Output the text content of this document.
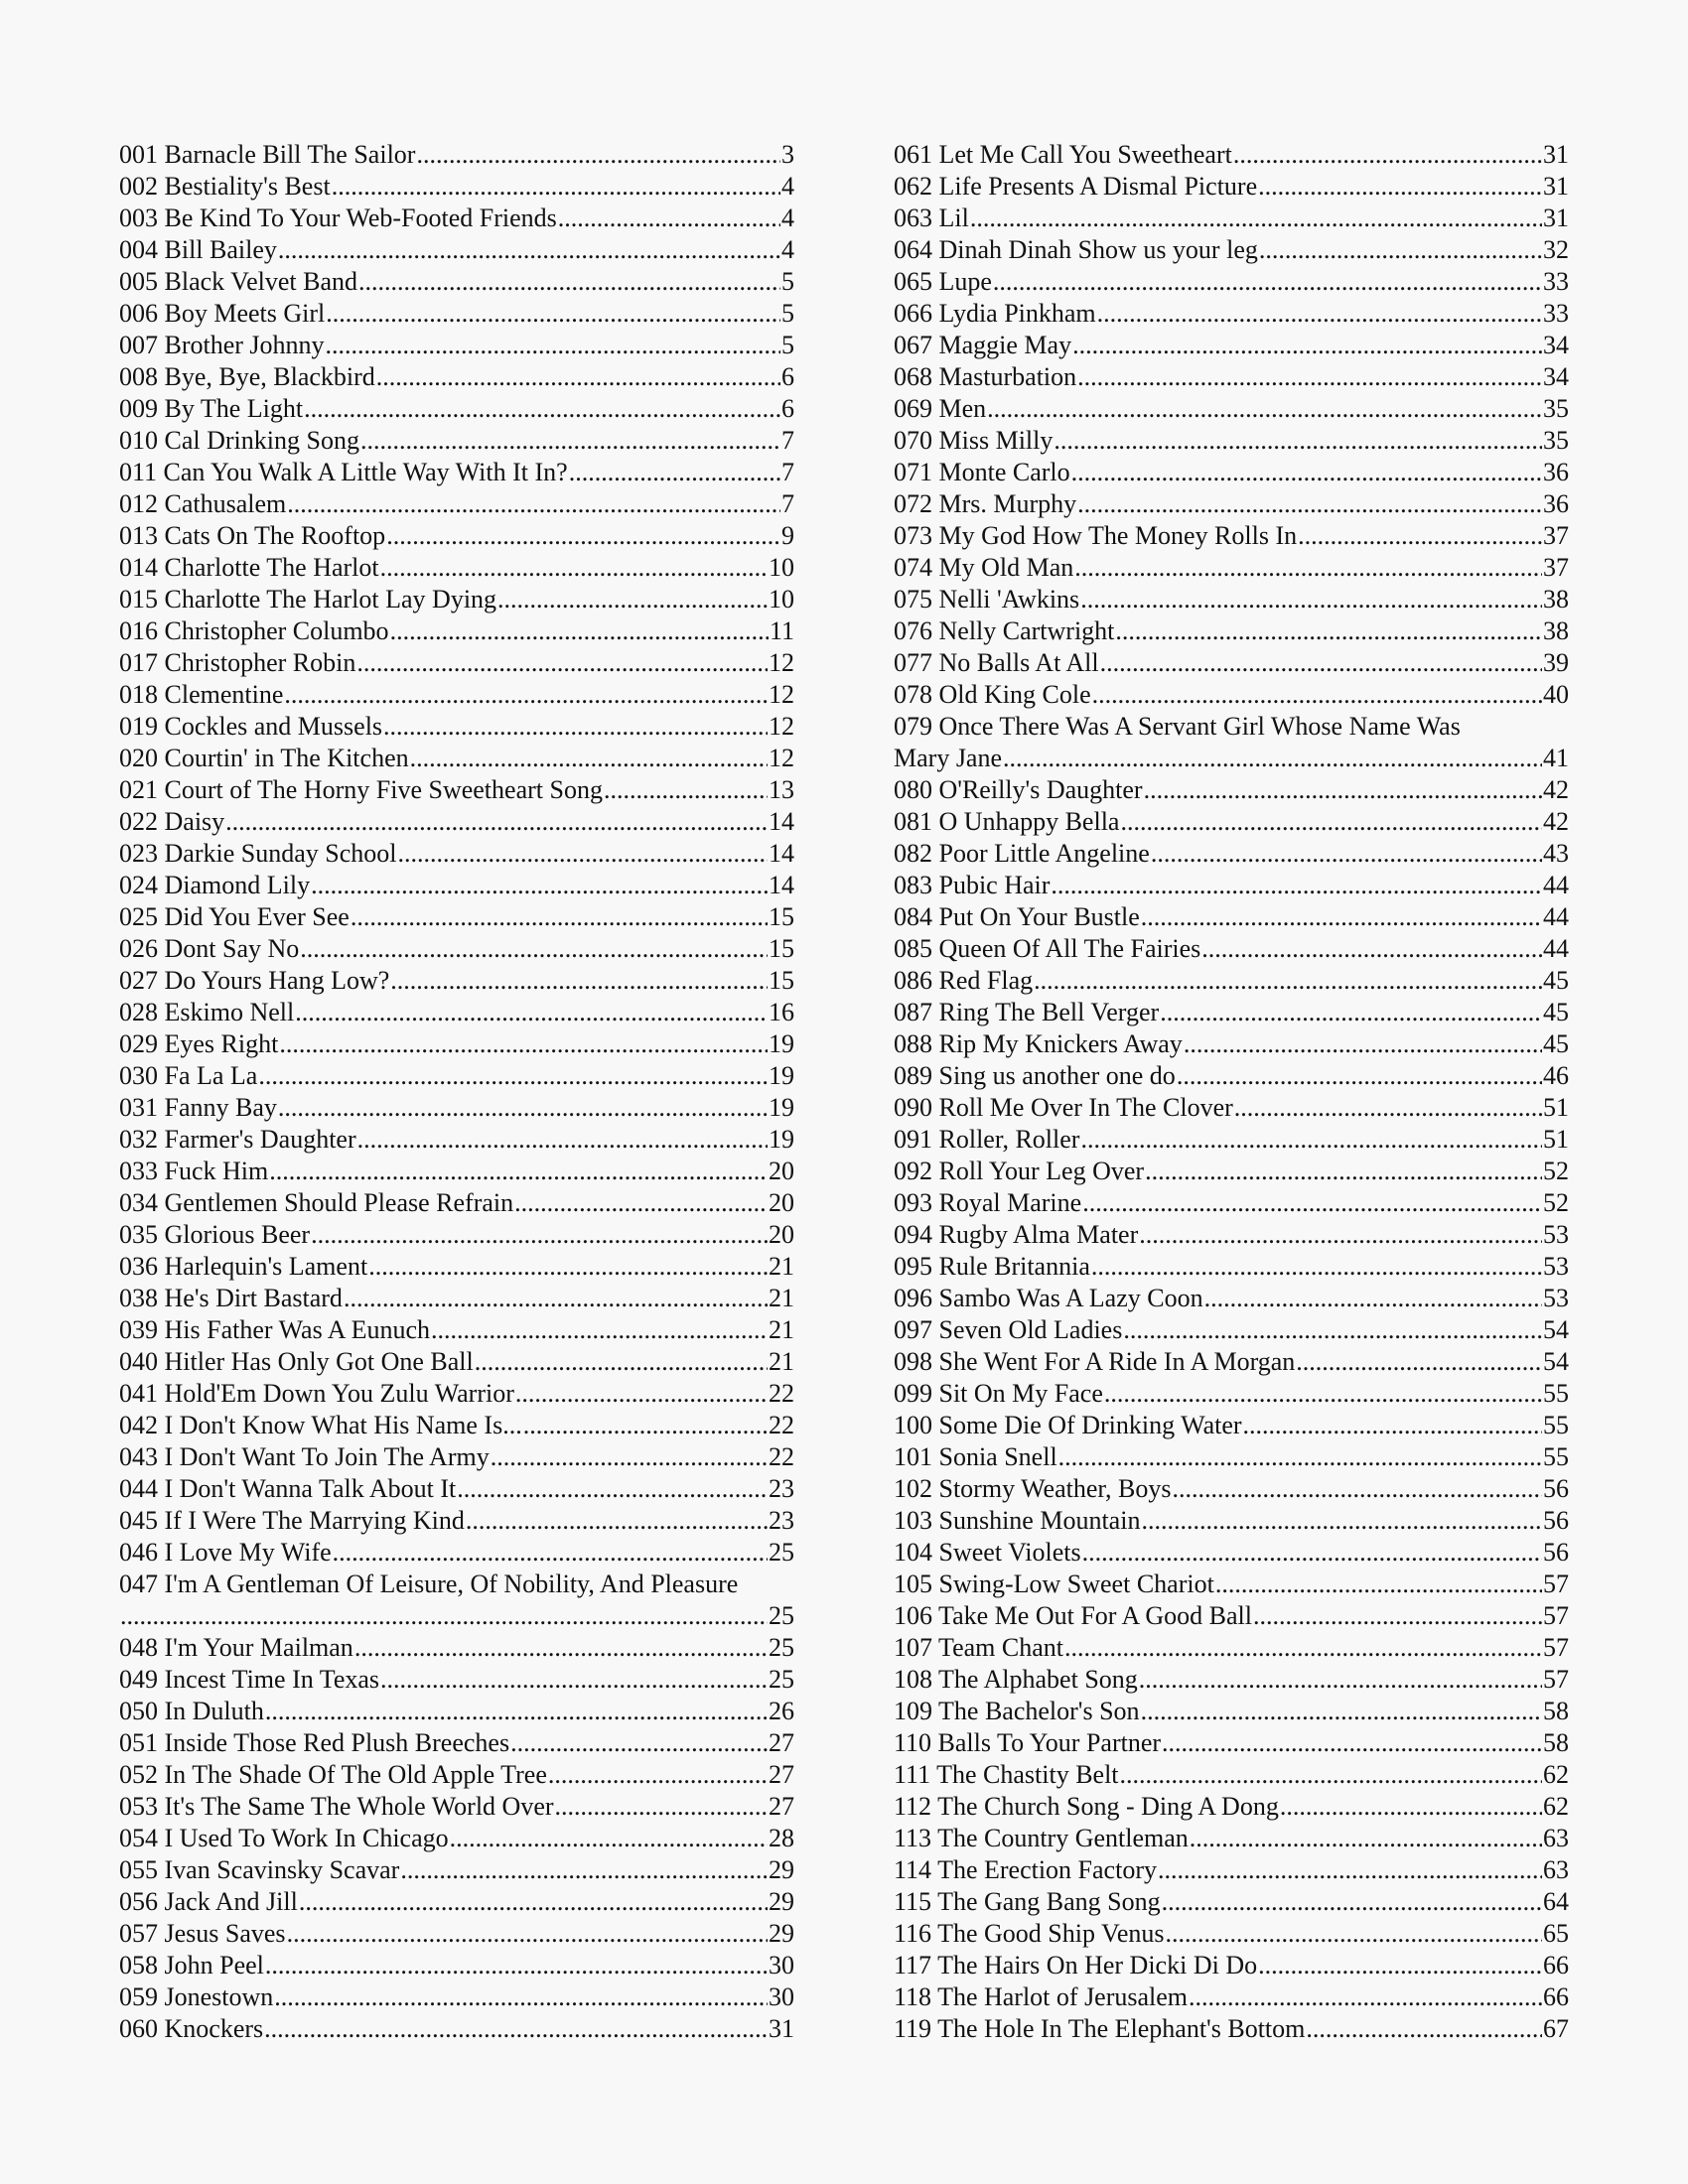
001 Barnacle Bill The Sailor .....	3
002 Bestiality's Best .....	4
003 Be Kind To Your Web-Footed Friends .....	4
004 Bill Bailey .....	4
005 Black Velvet Band .....	5
006 Boy Meets Girl .....	5
007 Brother Johnny .....	5
008 Bye, Bye, Blackbird .....	6
009 By The Light .....	6
010 Cal Drinking Song .....	7
011 Can You Walk A Little Way With It In? .....	7
012 Cathusalem .....	7
013 Cats On The Rooftop .....	9
014 Charlotte The Harlot .....	10
015 Charlotte The Harlot Lay Dying .....	10
016 Christopher Columbo .....	11
017 Christopher Robin .....	12
018 Clementine .....	12
019 Cockles and Mussels .....	12
020 Courtin' in The Kitchen .....	12
021 Court of The Horny Five Sweetheart Song .....	13
022 Daisy .....	14
023 Darkie Sunday School .....	14
024 Diamond Lily .....	14
025 Did You Ever See .....	15
026 Dont Say No .....	15
027 Do Yours Hang Low? .....	15
028 Eskimo Nell .....	16
029 Eyes Right .....	19
030 Fa La La .....	19
031 Fanny Bay .....	19
032 Farmer's Daughter .....	19
033 Fuck Him .....	20
034 Gentlemen Should Please Refrain .....	20
035 Glorious Beer .....	20
036 Harlequin's Lament .....	21
038 He's Dirt Bastard .....	21
039 His Father Was A Eunuch .....	21
040 Hitler Has Only Got One Ball .....	21
041 Hold'Em Down You Zulu Warrior .....	22
042 I Don't Know What His Name Is... .....	22
043 I Don't Want To Join The Army .....	22
044 I Don't Wanna Talk About It .....	23
045 If I Were The Marrying Kind .....	23
046 I Love My Wife .....	25
047 I'm A Gentleman Of Leisure, Of Nobility, And Pleasure
.....
25
048 I'm Your Mailman .....	25
049 Incest Time In Texas .....	25
050 In Duluth .....	26
051 Inside Those Red Plush Breeches .....	27
052 In The Shade Of The Old Apple Tree .....	27
053 It's The Same The Whole World Over .....	27
054 I Used To Work In Chicago .....	28
055 Ivan Scavinsky Scavar .....	29
056 Jack And Jill .....	29
057 Jesus Saves .....	29
058 John Peel .....	30
059 Jonestown .....	30
060 Knockers .....	31
061 Let Me Call You Sweetheart .....	31
062 Life Presents A Dismal Picture .....	31
063 Lil .....	31
064 Dinah Dinah Show us your leg .....	32
065 Lupe .....	33
066 Lydia Pinkham .....	33
067 Maggie May .....	34
068 Masturbation .....	34
069 Men .....	35
070 Miss Milly .....	35
071 Monte Carlo .....	36
072 Mrs. Murphy .....	36
073 My God How The Money Rolls In .....	37
074 My Old Man .....	37
075 Nelli 'Awkins .....	38
076 Nelly Cartwright .....	38
077 No Balls At All .....	39
078 Old King Cole .....	40
079 Once There Was A Servant Girl Whose Name Was
Mary Jane .....	41
080 O'Reilly's Daughter .....	42
081 O Unhappy Bella .....	42
082 Poor Little Angeline .....	43
083 Pubic Hair .....	44
084 Put On Your Bustle .....	44
085 Queen Of All The Fairies .....	44
086 Red Flag .....	45
087 Ring The Bell Verger .....	45
088 Rip My Knickers Away .....	45
089 Sing us another one do .....	46
090 Roll Me Over In The Clover .....	51
091 Roller, Roller .....	51
092 Roll Your Leg Over .....	52
093 Royal Marine .....	52
094 Rugby Alma Mater .....	53
095 Rule Britannia .....	53
096 Sambo Was A Lazy Coon .....	53
097 Seven Old Ladies .....	54
098 She Went For A Ride In A Morgan .....	54
099 Sit On My Face .....	55
100 Some Die Of Drinking Water .....	55
101 Sonia Snell .....	55
102 Stormy Weather, Boys .....	56
103 Sunshine Mountain .....	56
104 Sweet Violets .....	56
105 Swing-Low Sweet Chariot .....	57
106 Take Me Out For A Good Ball .....	57
107 Team Chant .....	57
108 The Alphabet Song .....	57
109 The Bachelor's Son .....	58
110 Balls To Your Partner .....	58
111 The Chastity Belt .....	62
112 The Church Song - Ding A Dong .....	62
113 The Country Gentleman .....	63
114 The Erection Factory .....	63
115 The Gang Bang Song .....	64
116 The Good Ship Venus .....	65
117 The Hairs On Her Dicki Di Do .....	66
118 The Harlot of Jerusalem .....	66
119 The Hole In The Elephant's Bottom .....	67
